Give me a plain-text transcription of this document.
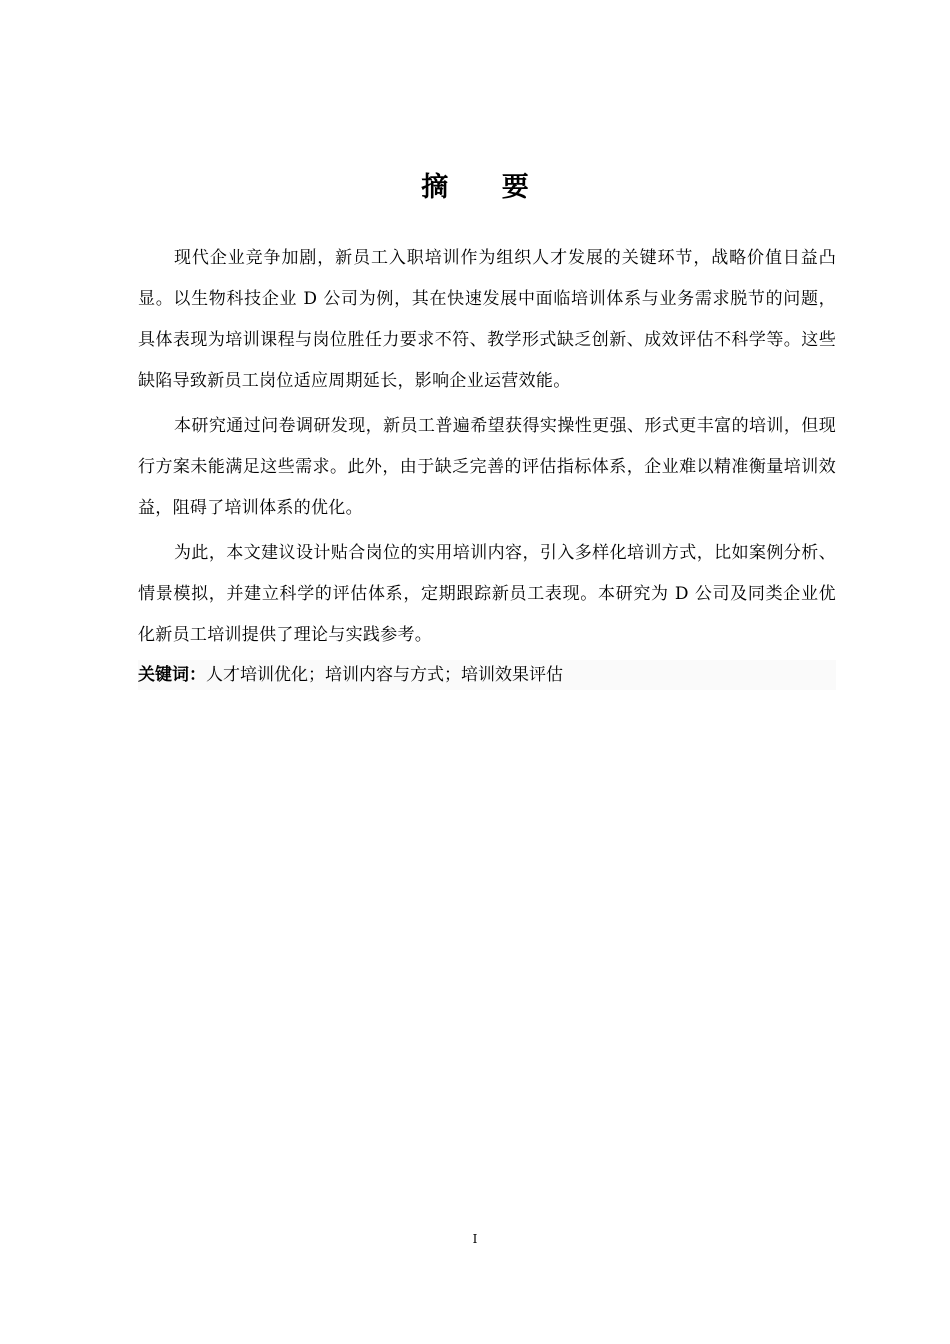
摘 要

现代企业竞争加剧，新员工入职培训作为组织人才发展的关键环节，战略价值日益凸显。以生物科技企业 D 公司为例，其在快速发展中面临培训体系与业务需求脱节的问题，具体表现为培训课程与岗位胜任力要求不符、教学形式缺乏创新、成效评估不科学等。这些缺陷导致新员工岗位适应周期延长，影响企业运营效能。

本研究通过问卷调研发现，新员工普遍希望获得实操性更强、形式更丰富的培训，但现行方案未能满足这些需求。此外，由于缺乏完善的评估指标体系，企业难以精准衡量培训效益，阻碍了培训体系的优化。

为此，本文建议设计贴合岗位的实用培训内容，引入多样化培训方式，比如案例分析、情景模拟，并建立科学的评估体系，定期跟踪新员工表现。本研究为 D 公司及同类企业优化新员工培训提供了理论与实践参考。

关键词：人才培训优化；培训内容与方式；培训效果评估
I
